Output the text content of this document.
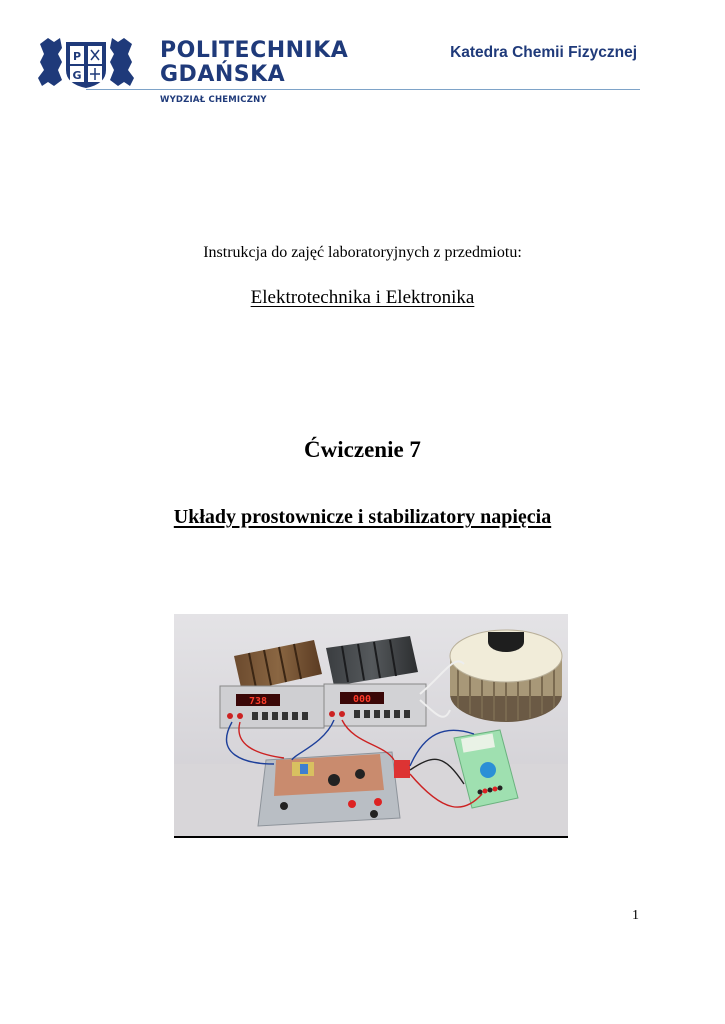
P
G
POLITECHNIKA
GDAŃSKA
WYDZIAŁ CHEMICZNY
Katedra Chemii Fizycznej
Instrukcja do zajęć laboratoryjnych z przedmiotu:
Elektrotechnika i Elektronika
Ćwiczenie 7
Układy prostownicze i stabilizatory napięcia
738	000
1
